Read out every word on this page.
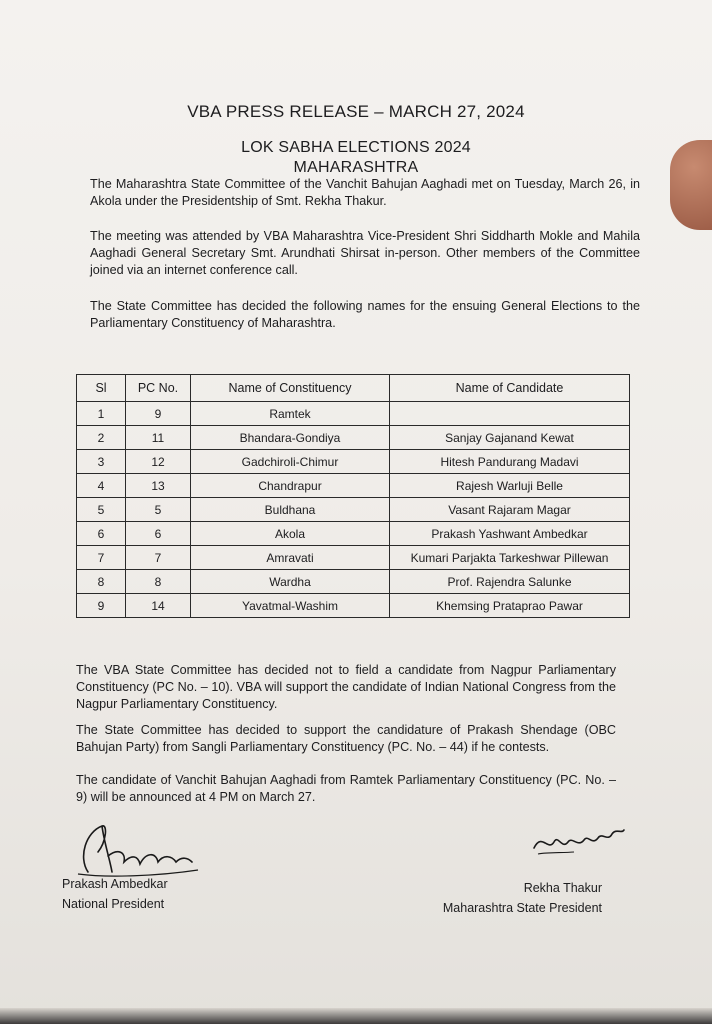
VBA PRESS RELEASE – MARCH 27, 2024
LOK SABHA ELECTIONS 2024
MAHARASHTRA
The Maharashtra State Committee of the Vanchit Bahujan Aaghadi met on Tuesday, March 26, in Akola under the Presidentship of Smt. Rekha Thakur.
The meeting was attended by VBA Maharashtra Vice-President Shri Siddharth Mokle and Mahila Aaghadi General Secretary Smt. Arundhati Shirsat in-person. Other members of the Committee joined via an internet conference call.
The State Committee has decided the following names for the ensuing General Elections to the Parliamentary Constituency of Maharashtra.
Sl	PC No.	Name of Constituency	Name of Candidate
1	9	Ramtek	
2	11	Bhandara-Gondiya	Sanjay Gajanand Kewat
3	12	Gadchiroli-Chimur	Hitesh Pandurang Madavi
4	13	Chandrapur	Rajesh Warluji Belle
5	5	Buldhana	Vasant Rajaram Magar
6	6	Akola	Prakash Yashwant Ambedkar
7	7	Amravati	Kumari Parjakta Tarkeshwar Pillewan
8	8	Wardha	Prof. Rajendra Salunke
9	14	Yavatmal-Washim	Khemsing Prataprao Pawar
The VBA State Committee has decided not to field a candidate from Nagpur Parliamentary Constituency (PC No. – 10). VBA will support the candidate of Indian National Congress from the Nagpur Parliamentary Constituency.
The State Committee has decided to support the candidature of Prakash Shendage (OBC Bahujan Party) from Sangli Parliamentary Constituency (PC. No. – 44) if he contests.
The candidate of Vanchit Bahujan Aaghadi from Ramtek Parliamentary Constituency (PC. No. – 9) will be announced at 4 PM on March 27.
Prakash Ambedkar
National President
Rekha Thakur
Maharashtra State President
